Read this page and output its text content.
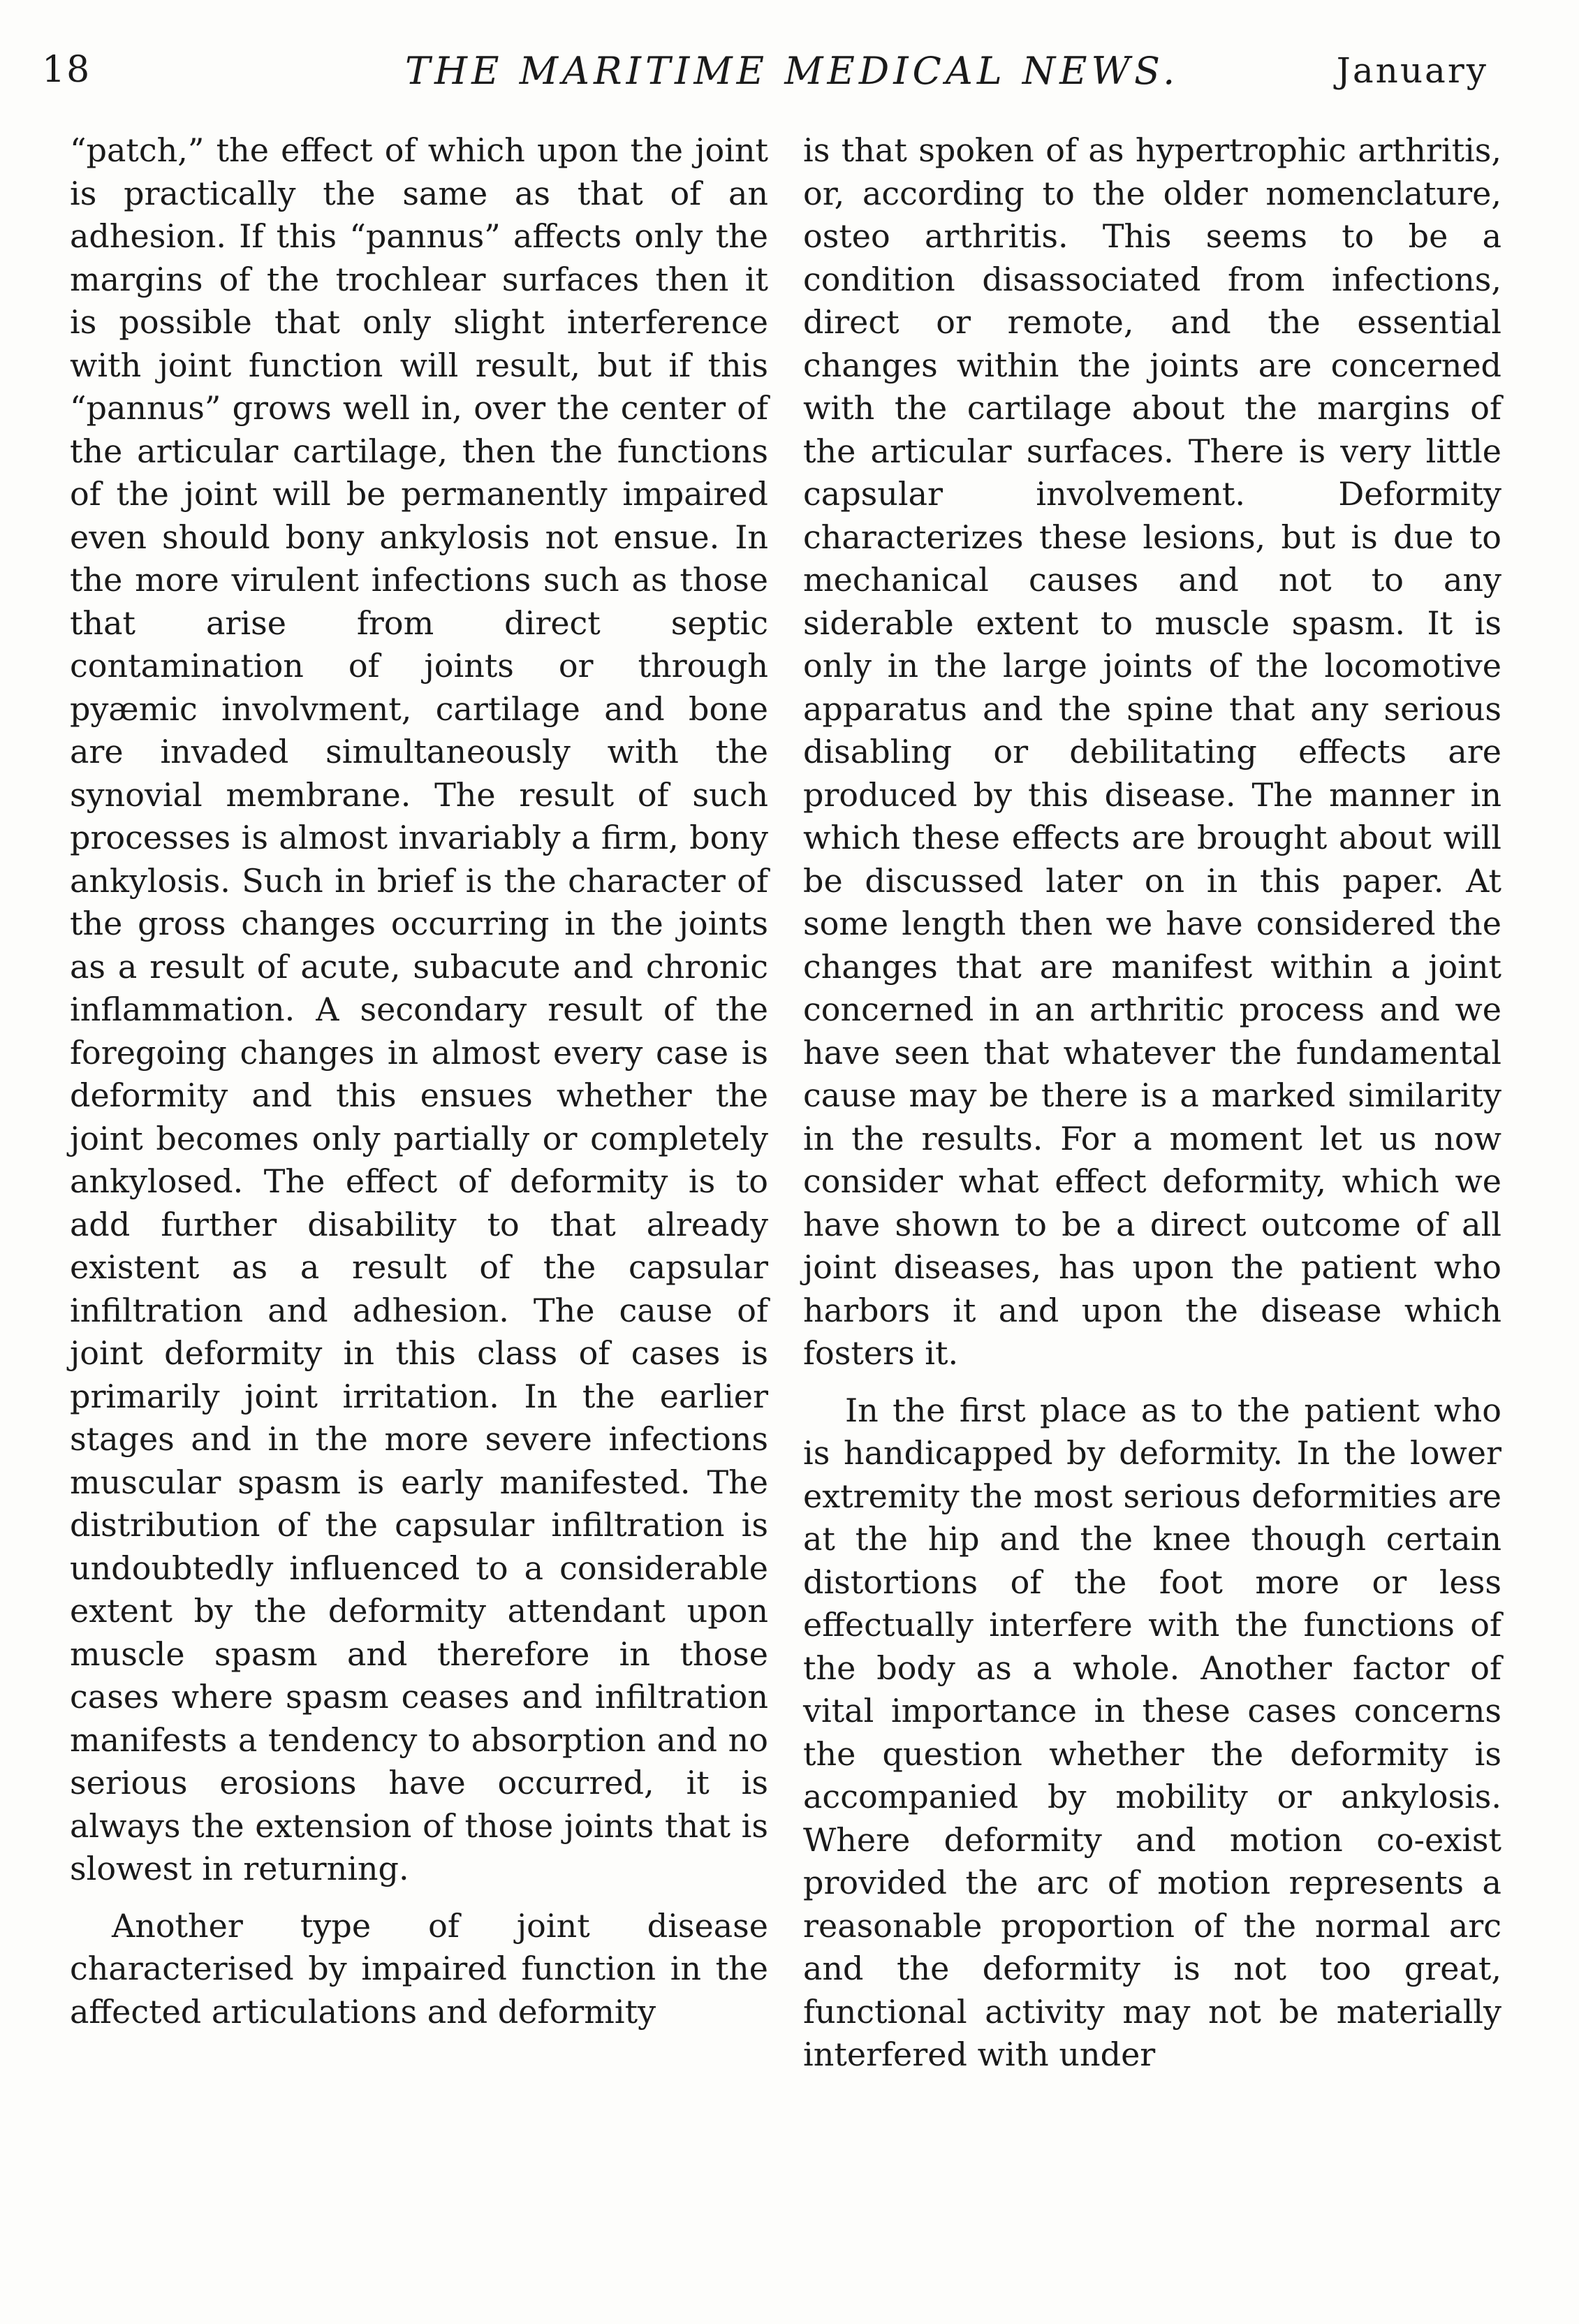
18	THE MARITIME MEDICAL NEWS.	January

“patch,” the effect of which upon the joint is practically the same as that of an adhesion. If this “pannus” affects only the margins of the trochlear surfaces then it is possible that only slight interference with joint function will result, but if this “pannus” grows well in, over the center of the articular cartilage, then the functions of the joint will be permanently impaired even should bony ankylosis not ensue. In the more virulent infections such as those that arise from direct septic contamination of joints or through pyæmic involvment, cartilage and bone are invaded simultaneously with the synovial membrane. The result of such processes is almost invariably a firm, bony ankylosis. Such in brief is the character of the gross changes occurring in the joints as a result of acute, subacute and chronic inflammation. A secondary result of the foregoing changes in almost every case is deformity and this ensues whether the joint becomes only partially or completely ankylosed. The effect of deformity is to add further disability to that already existent as a result of the capsular infiltration and adhesion. The cause of joint deformity in this class of cases is primarily joint irritation. In the earlier stages and in the more severe infections muscular spasm is early manifested. The distribution of the capsular infiltration is undoubtedly influenced to a considerable extent by the deformity attendant upon muscle spasm and therefore in those cases where spasm ceases and infiltration manifests a tendency to absorption and no serious erosions have occurred, it is always the extension of those joints that is slowest in returning.

Another type of joint disease characterised by impaired function in the affected articulations and deformity

is that spoken of as hypertrophic arthritis, or, according to the older nomenclature, osteo arthritis. This seems to be a condition disassociated from infections, direct or remote, and the essential changes within the joints are concerned with the cartilage about the margins of the articular surfaces. There is very little capsular involvement. Deformity characterizes these lesions, but is due to mechanical causes and not to any siderable extent to muscle spasm. It is only in the large joints of the locomotive apparatus and the spine that any serious disabling or debilitating effects are produced by this disease. The manner in which these effects are brought about will be discussed later on in this paper. At some length then we have considered the changes that are manifest within a joint concerned in an arthritic process and we have seen that whatever the fundamental cause may be there is a marked similarity in the results. For a moment let us now consider what effect deformity, which we have shown to be a direct outcome of all joint diseases, has upon the patient who harbors it and upon the disease which fosters it.

In the first place as to the patient who is handicapped by deformity. In the lower extremity the most serious deformities are at the hip and the knee though certain distortions of the foot more or less effectually interfere with the functions of the body as a whole. Another factor of vital importance in these cases concerns the question whether the deformity is accompanied by mobility or ankylosis. Where deformity and motion co-exist provided the arc of motion represents a reasonable proportion of the normal arc and the deformity is not too great, functional activity may not be materially interfered with under
